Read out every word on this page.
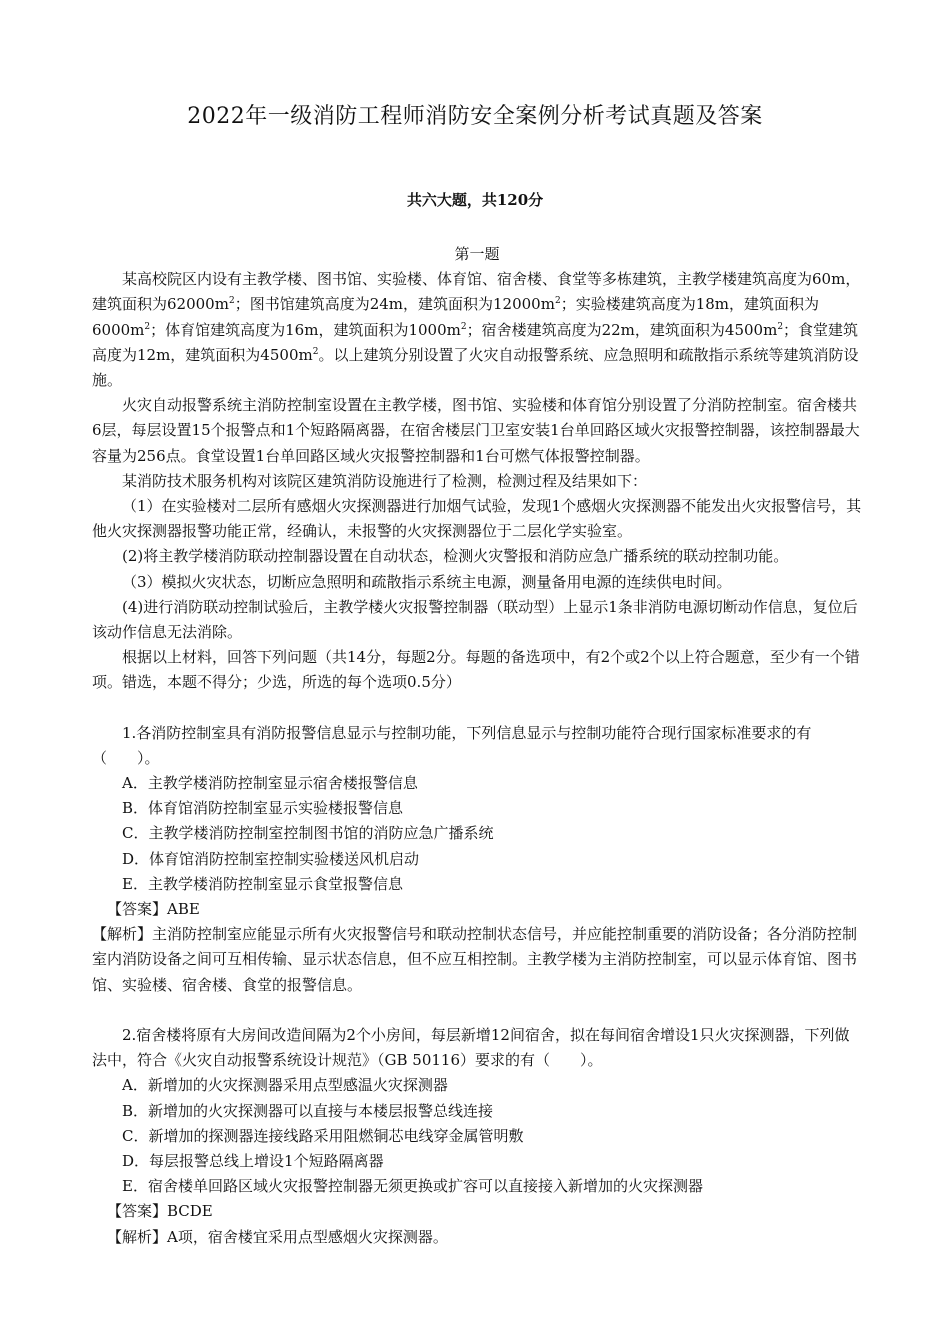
2022年一级消防工程师消防安全案例分析考试真题及答案
共六大题，共120分

第一题

某高校院区内设有主教学楼、图书馆、实验楼、体育馆、宿舍楼、食堂等多栋建筑，主教学楼建筑高度为60m，建筑面积为$62000m^2$；图书馆建筑高度为24m，建筑面积为$12000m^2$；实验楼建筑高度为18m，建筑面积为$6000m^2$；体育馆建筑高度为16m，建筑面积为$1000m^2$；宿舍楼建筑高度为22m，建筑面积为$4500m^2$；食堂建筑高度为12m，建筑面积为$4500m^2$。以上建筑分别设置了火灾自动报警系统、应急照明和疏散指示系统等建筑消防设施。

火灾自动报警系统主消防控制室设置在主教学楼，图书馆、实验楼和体育馆分别设置了分消防控制室。宿舍楼共6层，每层设置15个报警点和1个短路隔离器，在宿舍楼层门卫室安装1台单回路区域火灾报警控制器，该控制器最大容量为256点。食堂设置1台单回路区域火灾报警控制器和1台可燃气体报警控制器。

某消防技术服务机构对该院区建筑消防设施进行了检测，检测过程及结果如下：

（1）在实验楼对二层所有感烟火灾探测器进行加烟气试验，发现1个感烟火灾探测器不能发出火灾报警信号，其他火灾探测器报警功能正常，经确认，未报警的火灾探测器位于二层化学实验室。

(2)将主教学楼消防联动控制器设置在自动状态，检测火灾警报和消防应急广播系统的联动控制功能。

（3）模拟火灾状态，切断应急照明和疏散指示系统主电源，测量备用电源的连续供电时间。

(4)进行消防联动控制试验后，主教学楼火灾报警控制器（联动型）上显示1条非消防电源切断动作信息，复位后该动作信息无法消除。

根据以上材料，回答下列问题（共14分，每题2分。每题的备选项中，有2个或2个以上符合题意，至少有一个错项。错选，本题不得分；少选，所选的每个选项0.5分）

1.各消防控制室具有消防报警信息显示与控制功能，下列信息显示与控制功能符合现行国家标准要求的有（　　）。

A．主教学楼消防控制室显示宿舍楼报警信息

B．体育馆消防控制室显示实验楼报警信息

C．主教学楼消防控制室控制图书馆的消防应急广播系统

D．体育馆消防控制室控制实验楼送风机启动

E．主教学楼消防控制室显示食堂报警信息

【答案】ABE

【解析】主消防控制室应能显示所有火灾报警信号和联动控制状态信号，并应能控制重要的消防设备；各分消防控制室内消防设备之间可互相传输、显示状态信息，但不应互相控制。主教学楼为主消防控制室，可以显示体育馆、图书馆、实验楼、宿舍楼、食堂的报警信息。

2.宿舍楼将原有大房间改造间隔为2个小房间，每层新增12间宿舍，拟在每间宿舍增设1只火灾探测器，下列做法中，符合《火灾自动报警系统设计规范》（GB 50116）要求的有（　　）。

A．新增加的火灾探测器采用点型感温火灾探测器

B．新增加的火灾探测器可以直接与本楼层报警总线连接

C．新增加的探测器连接线路采用阻燃铜芯电线穿金属管明敷

D．每层报警总线上增设1个短路隔离器

E．宿舍楼单回路区域火灾报警控制器无须更换或扩容可以直接接入新增加的火灾探测器

【答案】BCDE

【解析】A项，宿舍楼宜采用点型感烟火灾探测器。
